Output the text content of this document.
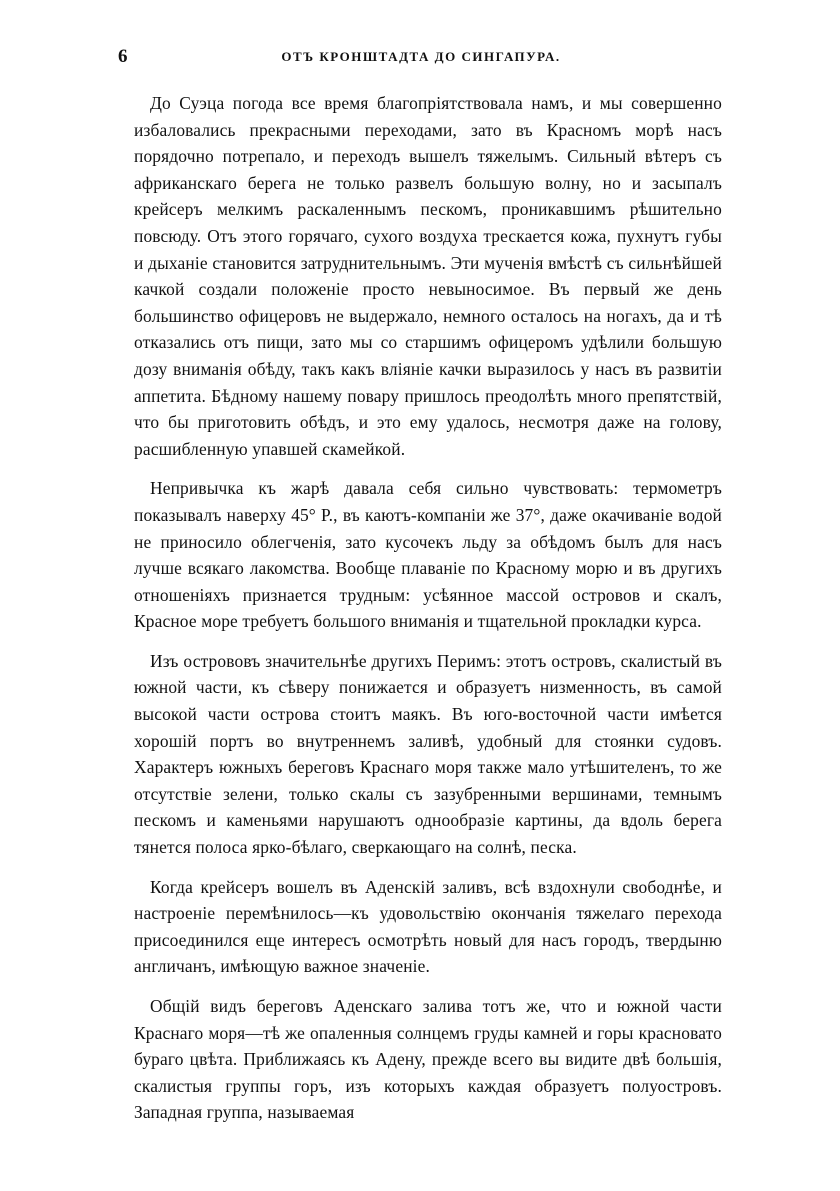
6	ОТЪ КРОНШТАДТА ДО СИНГАПУРА.

До Суэца погода все время благопріятствовала намъ, и мы совершенно избаловались прекрасными переходами, зато въ Красномъ морѣ насъ порядочно потрепало, и переходъ вышелъ тяжелымъ. Сильный вѣтеръ съ африканскаго берега не только развелъ большую волну, но и засыпалъ крейсеръ мелкимъ раскаленнымъ пескомъ, проникавшимъ рѣшительно повсюду. Отъ этого горячаго, сухого воздуха трескается кожа, пухнутъ губы и дыханіе становится затруднительнымъ. Эти мученія вмѣстѣ съ сильнѣйшей качкой создали положеніе просто невыносимое. Въ первый же день большинство офицеровъ не выдержало, немного осталось на ногахъ, да и тѣ отказались отъ пищи, зато мы со старшимъ офицеромъ удѣлили большую дозу вниманія обѣду, такъ какъ вліяніе качки выразилось у насъ въ развитіи аппетита. Бѣдному нашему повару пришлось преодолѣть много препятствій, что бы приготовить обѣдъ, и это ему удалось, несмотря даже на голову, расшибленную упавшей скамейкой.

Непривычка къ жарѣ давала себя сильно чувствовать: термометръ показывалъ наверху 45° Р., въ каютъ-компаніи же 37°, даже окачиваніе водой не приносило облегченія, зато кусочекъ льду за обѣдомъ былъ для насъ лучше всякаго лакомства. Вообще плаваніе по Красному морю и въ другихъ отношеніяхъ признается трудным: усѣянное массой островов и скалъ, Красное море требуетъ большого вниманія и тщательной прокладки курса.

Изъ острововъ значительнѣе другихъ Перимъ: этотъ островъ, скалистый въ южной части, къ сѣверу понижается и образуетъ низменность, въ самой высокой части острова стоитъ маякъ. Въ юго-восточной части имѣется хорошій портъ во внутреннемъ заливѣ, удобный для стоянки судовъ. Характеръ южныхъ береговъ Краснаго моря также мало утѣшителенъ, то же отсутствіе зелени, только скалы съ зазубренными вершинами, темнымъ пескомъ и каменьями нарушаютъ однообразіе картины, да вдоль берега тянется полоса ярко-бѣлаго, сверкающаго на солнѣ, песка.

Когда крейсеръ вошелъ въ Аденскій заливъ, всѣ вздохнули свободнѣе, и настроеніе перемѣнилось—къ удовольствію окончанія тяжелаго перехода присоединился еще интересъ осмотрѣть новый для насъ городъ, твердыню англичанъ, имѣющую важное значеніе.

Общій видъ береговъ Аденскаго залива тотъ же, что и южной части Краснаго моря—тѣ же опаленныя солнцемъ груды камней и горы красновато бураго цвѣта. Приближаясь къ Адену, прежде всего вы видите двѣ большія, скалистыя группы горъ, изъ которыхъ каждая образуетъ полуостровъ. Западная группа, называемая
